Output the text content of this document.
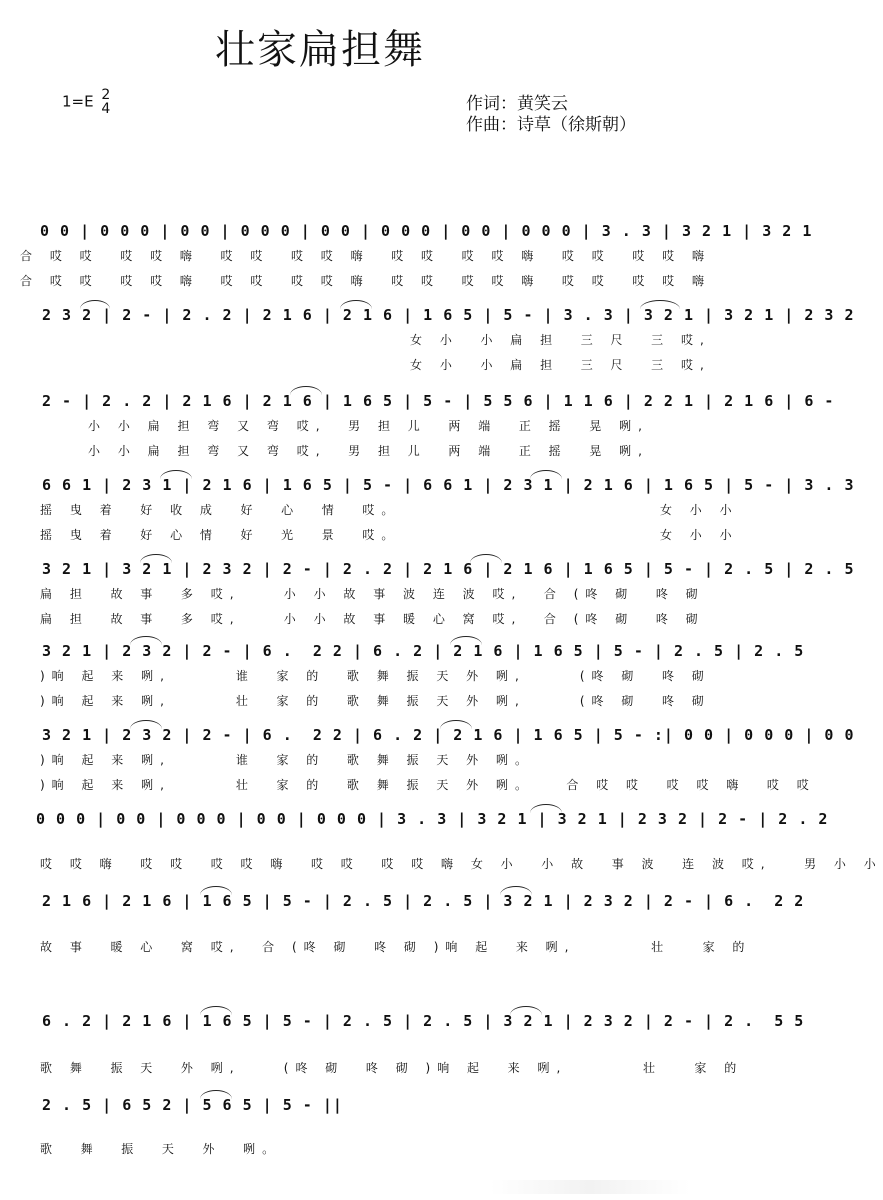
壮家扁担舞
1=E 2
4	作词：黄笑云
作曲：诗草（徐斯朝）
0 0 | 0 0 0 | 0 0 | 0 0 0 | 0 0 | 0 0 0 | 0 0 | 0 0 0 | 3 . 3 | 3 2 1 | 3 2 1
合 哎 哎  哎 哎 嗨  哎 哎  哎 哎 嗨  哎 哎  哎 哎 嗨  哎 哎  哎 哎 嗨
合 哎 哎  哎 哎 嗨  哎 哎  哎 哎 嗨  哎 哎  哎 哎 嗨  哎 哎  哎 哎 嗨
2 3 2 | 2 - | 2 . 2 | 2 1 6 | 2 1 6 | 1 6 5 | 5 - | 3 . 3 | 3 2 1 | 3 2 1 | 2 3 2
女 小  小 扁 担  三 尺  三 哎,
女 小  小 扁 担  三 尺  三 哎,
2 - | 2 . 2 | 2 1 6 | 2 1 6 | 1 6 5 | 5 - | 5 5 6 | 1 1 6 | 2 2 1 | 2 1 6 | 6 -
小 小 扁 担 弯 又 弯 哎,  男 担 儿  两 端  正 摇  晃 咧,
小 小 扁 担 弯 又 弯 哎,  男 担 儿  两 端  正 摇  晃 咧,
6 6 1 | 2 3 1 | 2 1 6 | 1 6 5 | 5 - | 6 6 1 | 2 3 1 | 2 1 6 | 1 6 5 | 5 - | 3 . 3
摇 曳 着  好 收 成  好  心  情  哎。                        女 小 小
摇 曳 着  好 心 情  好  光  景  哎。                        女 小 小
3 2 1 | 3 2 1 | 2 3 2 | 2 - | 2 . 2 | 2 1 6 | 2 1 6 | 1 6 5 | 5 - | 2 . 5 | 2 . 5
扁 担  故 事  多 哎,    小 小 故 事 波 连 波 哎,  合 (咚 砌  咚 砌
扁 担  故 事  多 哎,    小 小 故 事 暖 心 窝 哎,  合 (咚 砌  咚 砌
3 2 1 | 2 3 2 | 2 - | 6 .  2 2 | 6 . 2 | 2 1 6 | 1 6 5 | 5 - | 2 . 5 | 2 . 5
)响 起 来 咧,      谁  家 的  歌 舞 振 天 外 咧,     (咚 砌  咚 砌
)响 起 来 咧,      壮  家 的  歌 舞 振 天 外 咧,     (咚 砌  咚 砌
3 2 1 | 2 3 2 | 2 - | 6 .  2 2 | 6 . 2 | 2 1 6 | 1 6 5 | 5 - :| 0 0 | 0 0 0 | 0 0
)响 起 来 咧,      谁  家 的  歌 舞 振 天 外 咧。
)响 起 来 咧,      壮  家 的  歌 舞 振 天 外 咧。   合 哎 哎  哎 哎 嗨  哎 哎
0 0 0 | 0 0 | 0 0 0 | 0 0 | 0 0 0 | 3 . 3 | 3 2 1 | 3 2 1 | 2 3 2 | 2 - | 2 . 2
哎 哎 嗨  哎 哎  哎 哎 嗨  哎 哎  哎 哎 嗨 女 小  小 故  事 波  连 波 哎,   男 小 小
2 1 6 | 2 1 6 | 1 6 5 | 5 - | 2 . 5 | 2 . 5 | 3 2 1 | 2 3 2 | 2 - | 6 .  2 2
故 事  暖 心  窝 哎,  合 (咚 砌  咚 砌 )响 起  来 咧,       壮   家 的
6 . 2 | 2 1 6 | 1 6 5 | 5 - | 2 . 5 | 2 . 5 | 3 2 1 | 2 3 2 | 2 - | 2 .  5 5
歌 舞  振 天  外 咧,    (咚 砌  咚 砌 )响 起  来 咧,       壮   家 的
2 . 5 | 6 5 2 | 5 6 5 | 5 - ||
歌  舞  振  天  外  咧。
